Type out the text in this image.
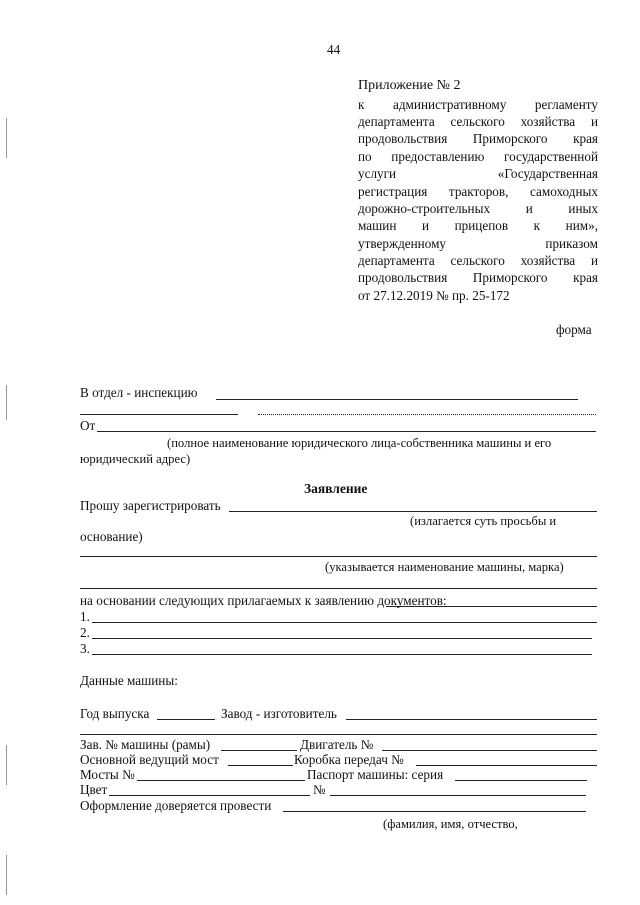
44
Приложение № 2
к административному регламенту
департамента сельского хозяйства и
продовольствия Приморского края
по предоставлению государственной
услуги «Государственная
регистрация тракторов, самоходных
дорожно-строительных и иных
машин и прицепов к ним»,
утвержденному приказом
департамента сельского хозяйства и
продовольствия Приморского края
от 27.12.2019 № пр. 25-172
форма
В отдел - инспекцию
От
(полное наименование юридического лица-собственника машины и его
юридический адрес)
Заявление
Прошу зарегистрировать
(излагается суть просьбы и
основание)
(указывается наименование машины, марка)
на основании следующих прилагаемых к заявлению документов:
1.
2.
3.
Данные машины:
Год выпуска	Завод - изготовитель
Зав. № машины (рамы)	Двигатель №
Основной ведущий мост	Коробка передач №
Мосты №	Паспорт машины: серия
Цвет	№
Оформление доверяется провести
(фамилия, имя, отчество,
